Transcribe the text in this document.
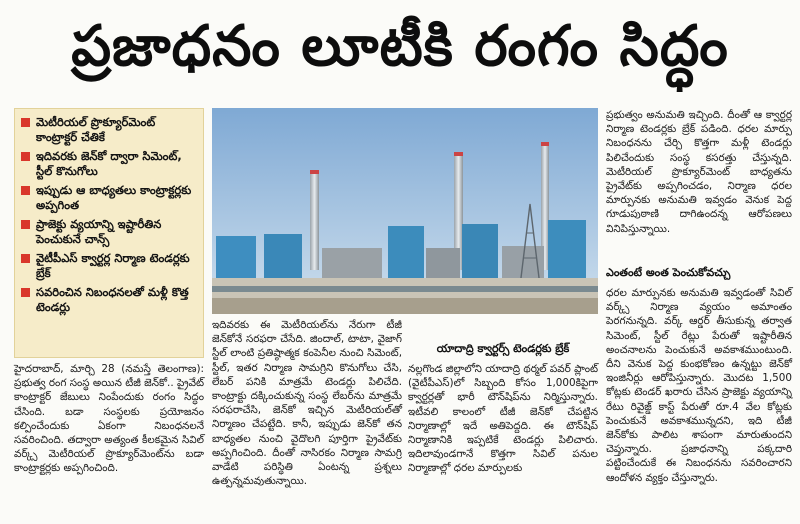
ప్రజాధనం లూటీకి రంగం సిద్ధం
మెటీరియల్ ప్రొక్యూర్‌మెంట్ కాంట్రాక్టర్ చేతికే
ఇదివరకు జెన్‌కో ద్వారా సిమెంట్, స్టీల్ కొనుగోలు
ఇప్పుడు ఆ బాధ్యతలు కాంట్రాక్టర్లకు అప్పగింత
ప్రాజెక్టు వ్యయాన్ని ఇష్టారీతిన పెంచుకునే చాన్స్
వైటీపీఎస్ క్వార్టర్ల నిర్మాణ టెండర్లకు బ్రేక్
సవరించిన నిబంధనలతో మళ్లీ కొత్త టెండర్లు
హైదరాబాద్, మార్చి 28 (నమస్తే తెలంగాణ): ప్రభుత్వ రంగ సంస్థ అయిన టీజీ జెన్‌కో.. ప్రైవేట్ కాంట్రాక్టర్ జేబులు నింపేందుకు రంగం సిద్ధం చేసింది. బడా సంస్థలకు ప్రయోజనం కల్పించేందుకు ఏకంగా నిబంధనలనే సవరించింది. తద్వారా అత్యంత కీలకమైన సివిల్ వర్క్స్ మెటీరియల్ ప్రొక్యూర్‌మెంట్‌ను బడా కాంట్రాక్టర్లకు అప్పగించింది.
ఇదివరకు ఈ మెటీరియల్‌ను నేరుగా టీజీ జెన్‌కోనే సరఫరా చేసేది. జిందాల్, టాటా, వైజాగ్ స్టీల్ లాంటి ప్రతిష్ఠాత్మక కంపెనీల నుంచి సిమెంట్, స్టీల్, ఇతర నిర్మాణ సామగ్రిని కొనుగోలు చేసి, లేబర్ పనికి మాత్రమే టెండర్లు పిలిచేది. కాంట్రాక్టు దక్కించుకున్న సంస్థ లేబర్‌ను మాత్రమే సరఫరాచేసి, జెన్‌కో ఇచ్చిన మెటీరియల్‌తో నిర్మాణం చేపట్టేది. కానీ, ఇప్పుడు జెన్‌కో తన బాధ్యతల నుంచి వైదొలగి పూర్తిగా ప్రైవేట్‌కు అప్పగించింది. దీంతో నాసిరకం నిర్మాణ సామగ్రి వాడేటి పరిస్థితి ఏంటన్న ప్రశ్నలు ఉత్పన్నమవుతున్నాయి.
యాదాద్రి క్వార్టర్స్ టెండర్లకు బ్రేక్
నల్లగొండ జిల్లాలోని యాదాద్రి థర్మల్ పవర్ ప్లాంట్ (వైటీపీఎస్)లో సిబ్బంది కోసం 1,000కిపైగా క్వార్టర్లతో భారీ టౌన్‌షిప్‌ను నిర్మిస్తున్నారు. ఇటీవలి కాలంలో టీజీ జెన్‌కో చేపట్టిన నిర్మాణాల్లో ఇదే అతిపెద్దది. ఈ టౌన్‌షిప్ నిర్మాణానికి ఇప్పటికే టెండర్లు పిలిచారు. ఇదిలావుండగానే కొత్తగా సివిల్ పనుల నిర్మాణాల్లో ధరల మార్పులకు
ప్రభుత్వం అనుమతి ఇచ్చింది. దీంతో ఆ క్వార్టర్ల నిర్మాణ టెండర్లకు బ్రేక్ పడింది. ధరల మార్పు నిబంధనను చేర్చి కొత్తగా మళ్లీ టెండర్లు పిలిచేందుకు సంస్థ కసరత్తు చేస్తున్నది. మెటీరియల్ ప్రొక్యూర్‌మెంట్ బాధ్యతను ప్రైవేట్‌కు అప్పగించడం, నిర్మాణ ధరల మార్పునకు అనుమతి ఇవ్వడం వెనుక పెద్ద గూడుపుఠాణి దాగిఉందన్న ఆరోపణలు వినిపిస్తున్నాయి.
ఎంతంటే అంత పెంచుకోవచ్చు
ధరల మార్పునకు అనుమతి ఇవ్వడంతో సివిల్ వర్క్స్ నిర్మాణ వ్యయం అమాంతం పెరగనున్నది. వర్క్ ఆర్డర్ తీసుకున్న తర్వాత సిమెంట్, స్టీల్ రేట్లు పేరుతో ఇష్టారీతిన అంచనాలను పెంచుకునే అవకాశముంటుంది. దీని వెనుక పెద్ద కుంభకోణం ఉన్నట్టు జెన్‌కో ఇంజినీర్లు ఆరోపిస్తున్నారు. మొదట 1,500 కోట్లకు టెండర్ ఖరారు చేసిన ప్రాజెక్టు వ్యయాన్ని రేటు రివైజ్డ్ కాస్ట్ పేరుతో రూ.4 వేల కోట్లకు పెంచుకునే అవకాశమున్నదని, ఇది టీజీ జెన్‌కోకు పాలిట శాపంగా మారుతుందని చెప్తున్నారు. ప్రజాధనాన్ని పక్కదారి పట్టించేందుకే ఈ నిబంధనను సవరించారని ఆందోళన వ్యక్తం చేస్తున్నారు.
